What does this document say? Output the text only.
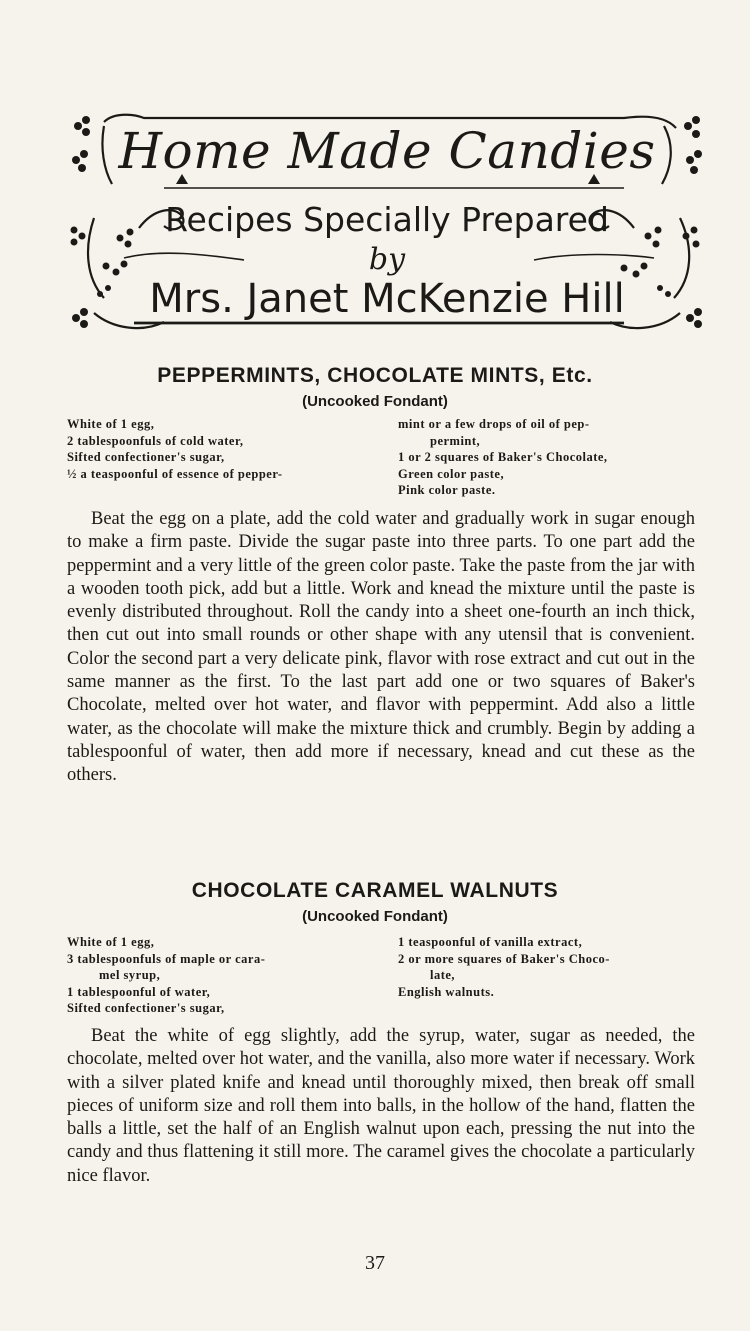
Home Made Candies
Recipes Specially Prepared
by
Mrs. Janet McKenzie Hill
PEPPERMINTS, CHOCOLATE MINTS, Etc.
(Uncooked Fondant)
White of 1 egg,
2 tablespoonfuls of cold water,
Sifted confectioner's sugar,
½ a teaspoonful of essence of pepper-
mint or a few drops of oil of pep-
permint,
1 or 2 squares of Baker's Chocolate,
Green color paste,
Pink color paste.

Beat the egg on a plate, add the cold water and gradually work in sugar enough to make a firm paste. Divide the sugar paste into three parts. To one part add the peppermint and a very little of the green color paste. Take the paste from the jar with a wooden tooth pick, add but a little. Work and knead the mixture until the paste is evenly distributed throughout. Roll the candy into a sheet one-fourth an inch thick, then cut out into small rounds or other shape with any utensil that is convenient. Color the second part a very delicate pink, flavor with rose extract and cut out in the same manner as the first. To the last part add one or two squares of Baker's Chocolate, melted over hot water, and flavor with peppermint. Add also a little water, as the chocolate will make the mixture thick and crumbly. Begin by adding a tablespoonful of water, then add more if necessary, knead and cut these as the others.

CHOCOLATE CARAMEL WALNUTS
(Uncooked Fondant)
White of 1 egg,
3 tablespoonfuls of maple or cara-
mel syrup,
1 tablespoonful of water,
Sifted confectioner's sugar,
1 teaspoonful of vanilla extract,
2 or more squares of Baker's Choco-
late,
English walnuts.

Beat the white of egg slightly, add the syrup, water, sugar as needed, the chocolate, melted over hot water, and the vanilla, also more water if necessary. Work with a silver plated knife and knead until thoroughly mixed, then break off small pieces of uniform size and roll them into balls, in the hollow of the hand, flatten the balls a little, set the half of an English walnut upon each, pressing the nut into the candy and thus flattening it still more. The caramel gives the chocolate a particularly nice flavor.

37
